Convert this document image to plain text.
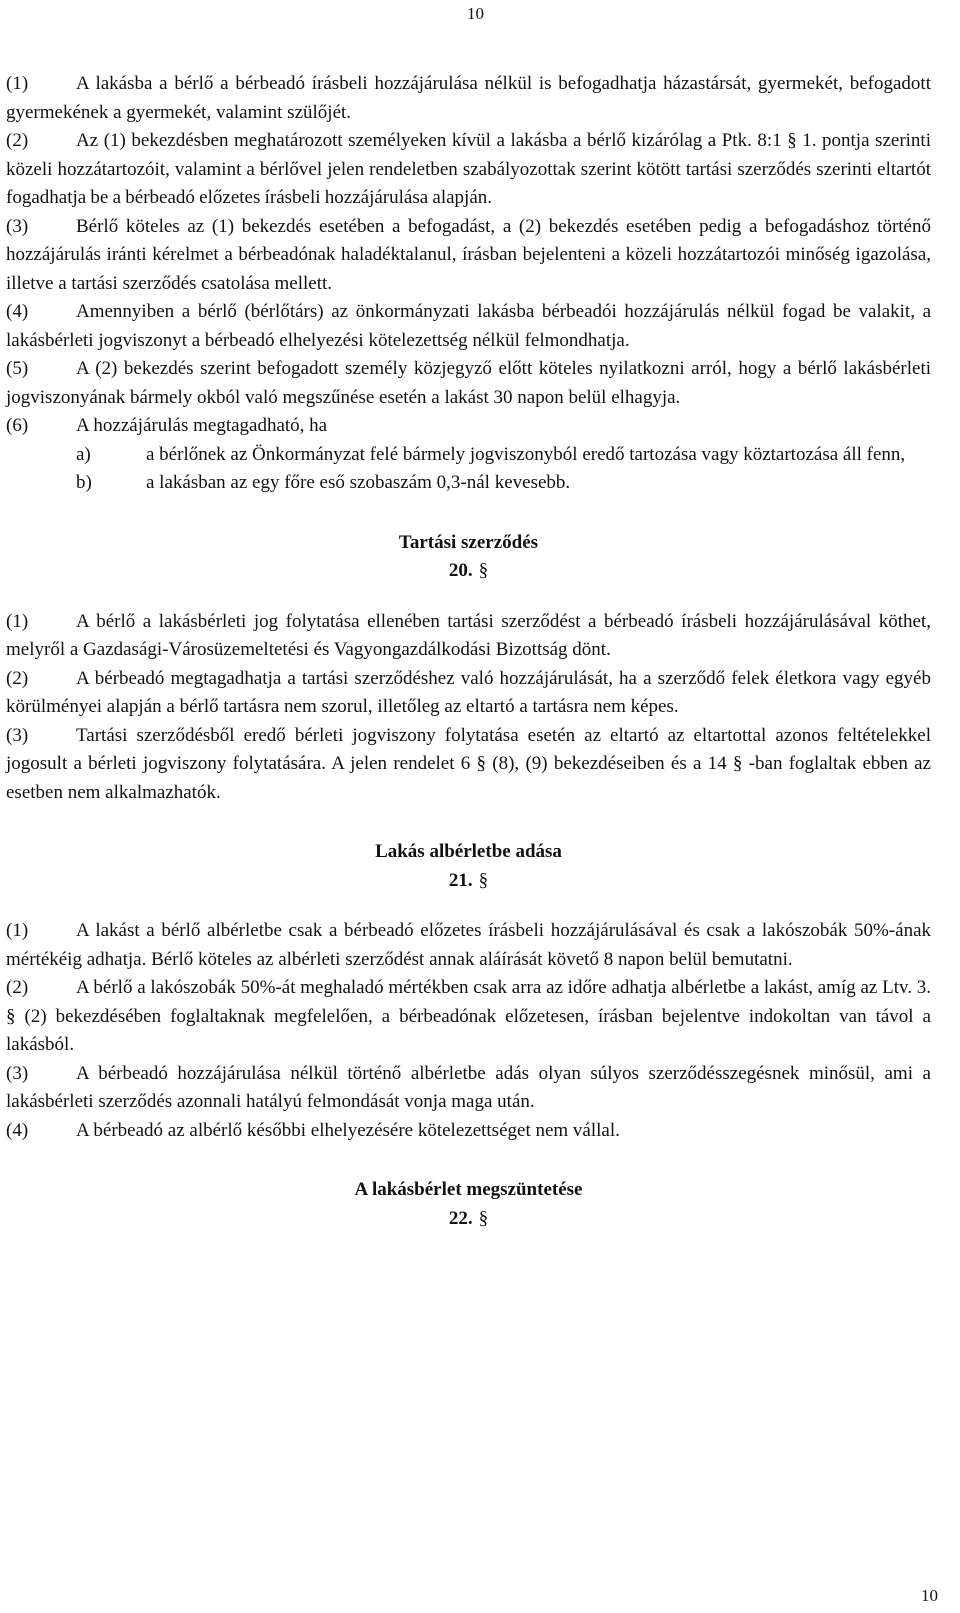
10

(1)	A lakásba a bérlő a bérbeadó írásbeli hozzájárulása nélkül is befogadhatja házastársát, gyermekét, befogadott gyermekének a gyermekét, valamint szülőjét.

(2)	Az (1) bekezdésben meghatározott személyeken kívül a lakásba a bérlő kizárólag a Ptk. 8:1 § 1. pontja szerinti közeli hozzátartozóit, valamint a bérlővel jelen rendeletben szabályozottak szerint kötött tartási szerződés szerinti eltartót fogadhatja be a bérbeadó előzetes írásbeli hozzájárulása alapján.

(3)	Bérlő köteles az (1) bekezdés esetében a befogadást, a (2) bekezdés esetében pedig a befogadáshoz történő hozzájárulás iránti kérelmet a bérbeadónak haladéktalanul, írásban bejelenteni a közeli hozzátartozói minőség igazolása, illetve a tartási szerződés csatolása mellett.

(4)	Amennyiben a bérlő (bérlőtárs) az önkormányzati lakásba bérbeadói hozzájárulás nélkül fogad be valakit, a lakásbérleti jogviszonyt a bérbeadó elhelyezési kötelezettség nélkül felmondhatja.

(5)	A (2) bekezdés szerint befogadott személy közjegyző előtt köteles nyilatkozni arról, hogy a bérlő lakásbérleti jogviszonyának bármely okból való megszűnése esetén a lakást 30 napon belül elhagyja.

(6)	A hozzájárulás megtagadható, ha

a)	a bérlőnek az Önkormányzat felé bármely jogviszonyból eredő tartozása vagy köztartozása áll fenn,

b)	a lakásban az egy főre eső szobaszám 0,3-nál kevesebb.

Tartási szerződés
20. §

(1)	A bérlő a lakásbérleti jog folytatása ellenében tartási szerződést a bérbeadó írásbeli hozzájárulásával köthet, melyről a Gazdasági-Városüzemeltetési és Vagyongazdálkodási Bizottság dönt.

(2)	A bérbeadó megtagadhatja a tartási szerződéshez való hozzájárulását, ha a szerződő felek életkora vagy egyéb körülményei alapján a bérlő tartásra nem szorul, illetőleg az eltartó a tartásra nem képes.

(3)	Tartási szerződésből eredő bérleti jogviszony folytatása esetén az eltartó az eltartottal azonos feltételekkel jogosult a bérleti jogviszony folytatására. A jelen rendelet 6 § (8), (9) bekezdéseiben és a 14 § -ban foglaltak ebben az esetben nem alkalmazhatók.

Lakás albérletbe adása
21. §

(1)	A lakást a bérlő albérletbe csak a bérbeadó előzetes írásbeli hozzájárulásával és csak a lakószobák 50%-ának mértékéig adhatja. Bérlő köteles az albérleti szerződést annak aláírását követő 8 napon belül bemutatni.

(2)	A bérlő a lakószobák 50%-át meghaladó mértékben csak arra az időre adhatja albérletbe a lakást, amíg az Ltv. 3. § (2) bekezdésében foglaltaknak megfelelően, a bérbeadónak előzetesen, írásban bejelentve indokoltan van távol a lakásból.

(3)	A bérbeadó hozzájárulása nélkül történő albérletbe adás olyan súlyos szerződésszegésnek minősül, ami a lakásbérleti szerződés azonnali hatályú felmondását vonja maga után.

(4)	A bérbeadó az albérlő későbbi elhelyezésére kötelezettséget nem vállal.

A lakásbérlet megszüntetése
22. §
10
